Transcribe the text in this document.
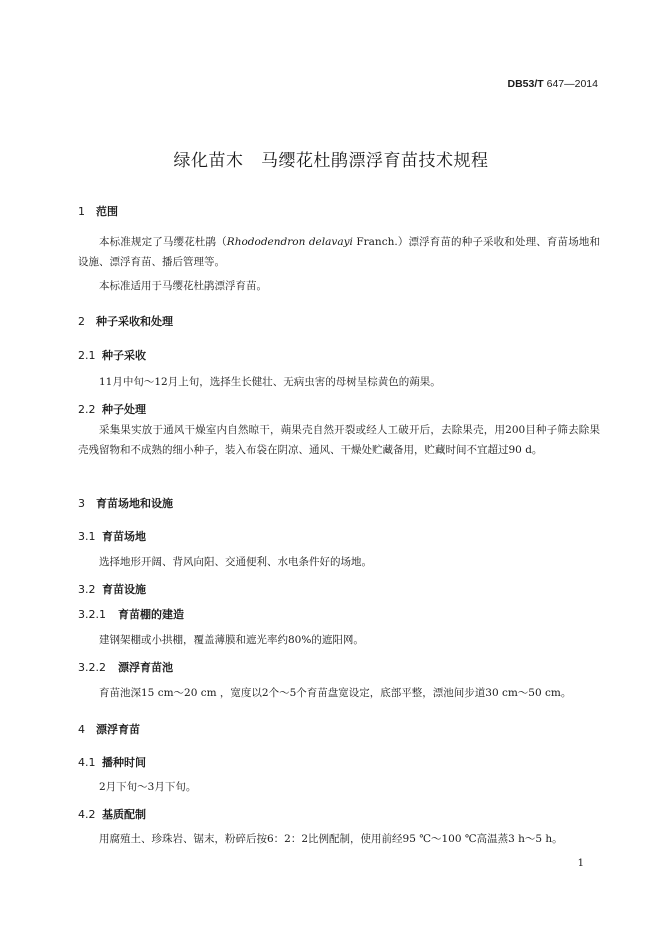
DB53/T 647—2014
绿化苗木　马缨花杜鹃漂浮育苗技术规程
1 范围
本标准规定了马缨花杜鹃（Rhododendron delavayi Franch.）漂浮育苗的种子采收和处理、育苗场地和设施、漂浮育苗、播后管理等。
本标准适用于马缨花杜鹃漂浮育苗。
2 种子采收和处理
2.1 种子采收
11月中旬～12月上旬，选择生长健壮、无病虫害的母树呈棕黄色的蒴果。
2.2 种子处理
采集果实放于通风干燥室内自然晾干，蒴果壳自然开裂或经人工破开后，去除果壳，用200目种子筛去除果壳残留物和不成熟的细小种子，装入布袋在阴凉、通风、干燥处贮藏备用，贮藏时间不宜超过90 d。
3 育苗场地和设施
3.1 育苗场地
选择地形开阔、背风向阳、交通便利、水电条件好的场地。
3.2 育苗设施
3.2.1 育苗棚的建造
建钢架棚或小拱棚，覆盖薄膜和遮光率约80%的遮阳网。
3.2.2 漂浮育苗池
育苗池深15 cm～20 cm ，宽度以2个～5个育苗盘宽设定，底部平整，漂池间步道30 cm～50 cm。
4 漂浮育苗
4.1 播种时间
2月下旬～3月下旬。
4.2 基质配制
用腐殖土、珍珠岩、锯末，粉碎后按6：2：2比例配制，使用前经95 ℃～100 ℃高温蒸3 h～5 h。
1
